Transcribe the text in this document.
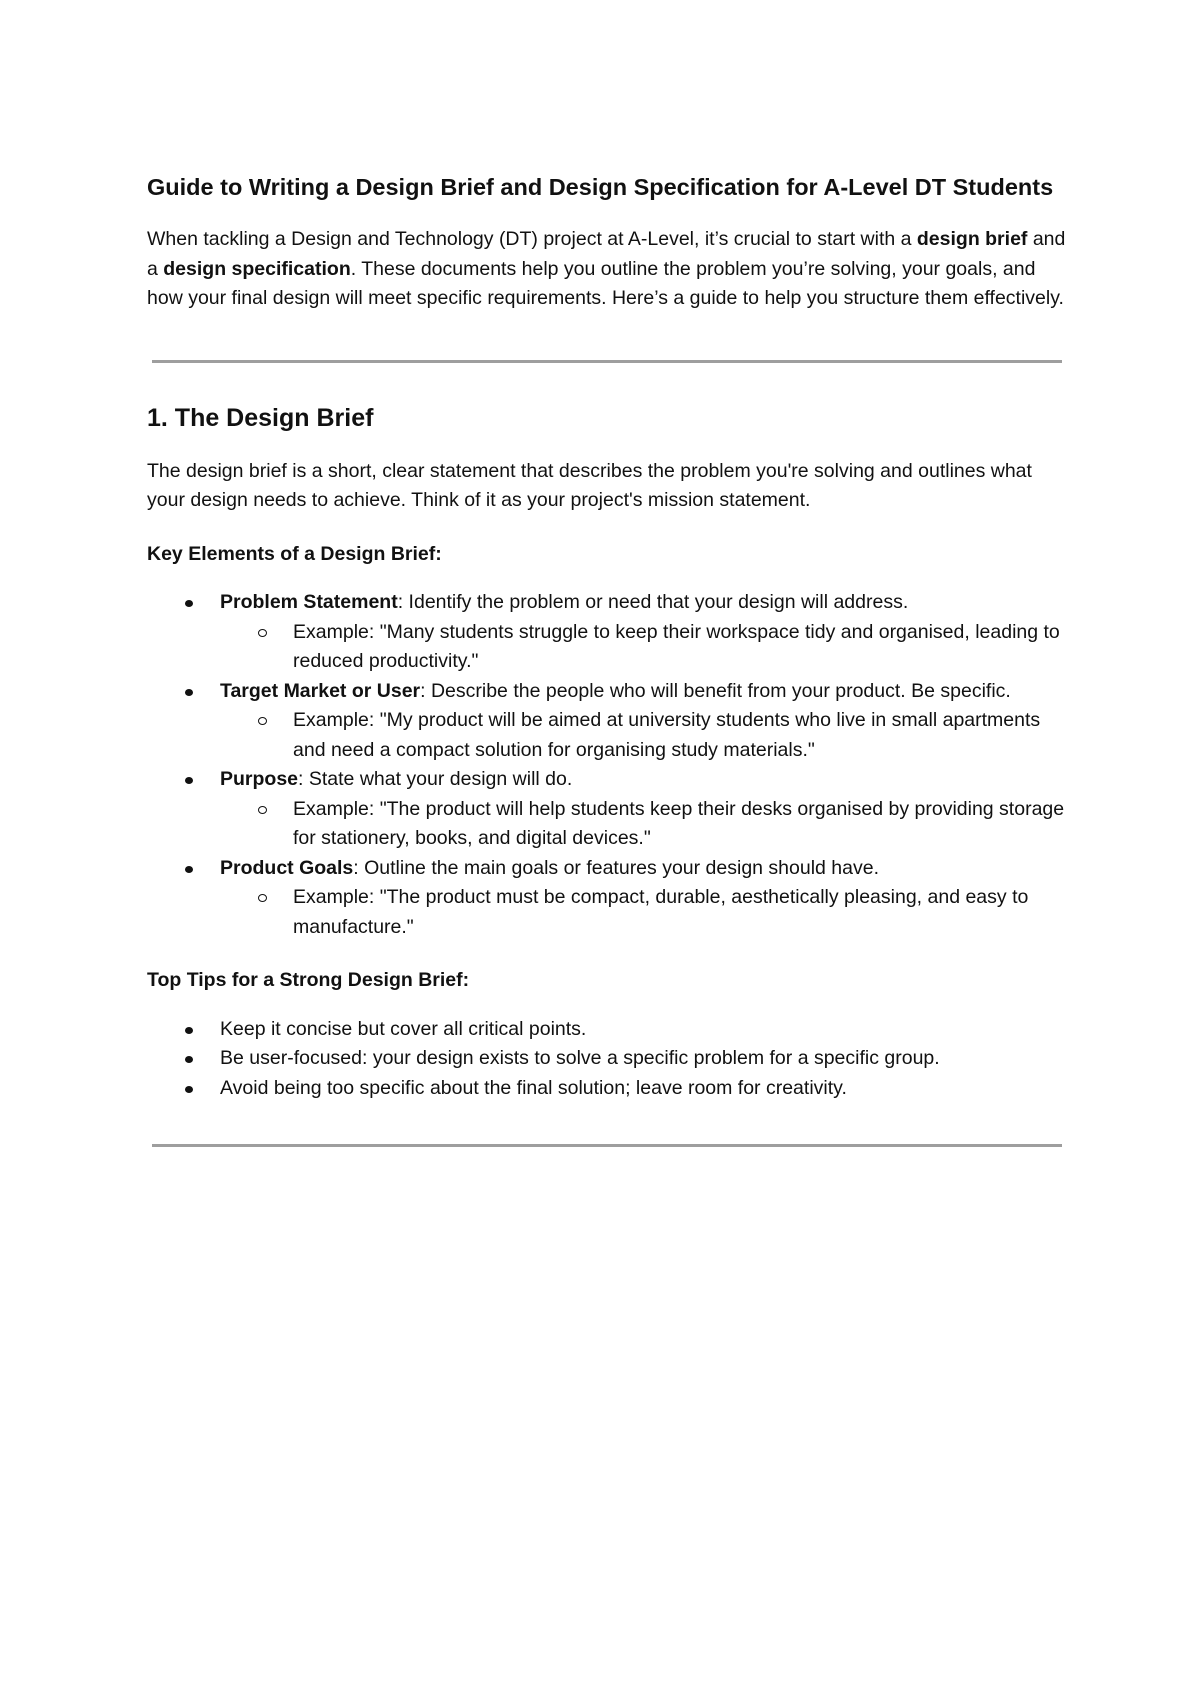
Guide to Writing a Design Brief and Design Specification for A-Level DT Students

When tackling a Design and Technology (DT) project at A-Level, it’s crucial to start with a design brief and a design specification. These documents help you outline the problem you’re solving, your goals, and how your final design will meet specific requirements. Here’s a guide to help you structure them effectively.

1. The Design Brief

The design brief is a short, clear statement that describes the problem you're solving and outlines what your design needs to achieve. Think of it as your project's mission statement.

Key Elements of a Design Brief:
Problem Statement: Identify the problem or need that your design will address.
Example: "Many students struggle to keep their workspace tidy and organised, leading to reduced productivity."
Target Market or User: Describe the people who will benefit from your product. Be specific.
Example: "My product will be aimed at university students who live in small apartments and need a compact solution for organising study materials."
Purpose: State what your design will do.
Example: "The product will help students keep their desks organised by providing storage for stationery, books, and digital devices."
Product Goals: Outline the main goals or features your design should have.
Example: "The product must be compact, durable, aesthetically pleasing, and easy to manufacture."
Top Tips for a Strong Design Brief:
Keep it concise but cover all critical points.
Be user-focused: your design exists to solve a specific problem for a specific group.
Avoid being too specific about the final solution; leave room for creativity.
